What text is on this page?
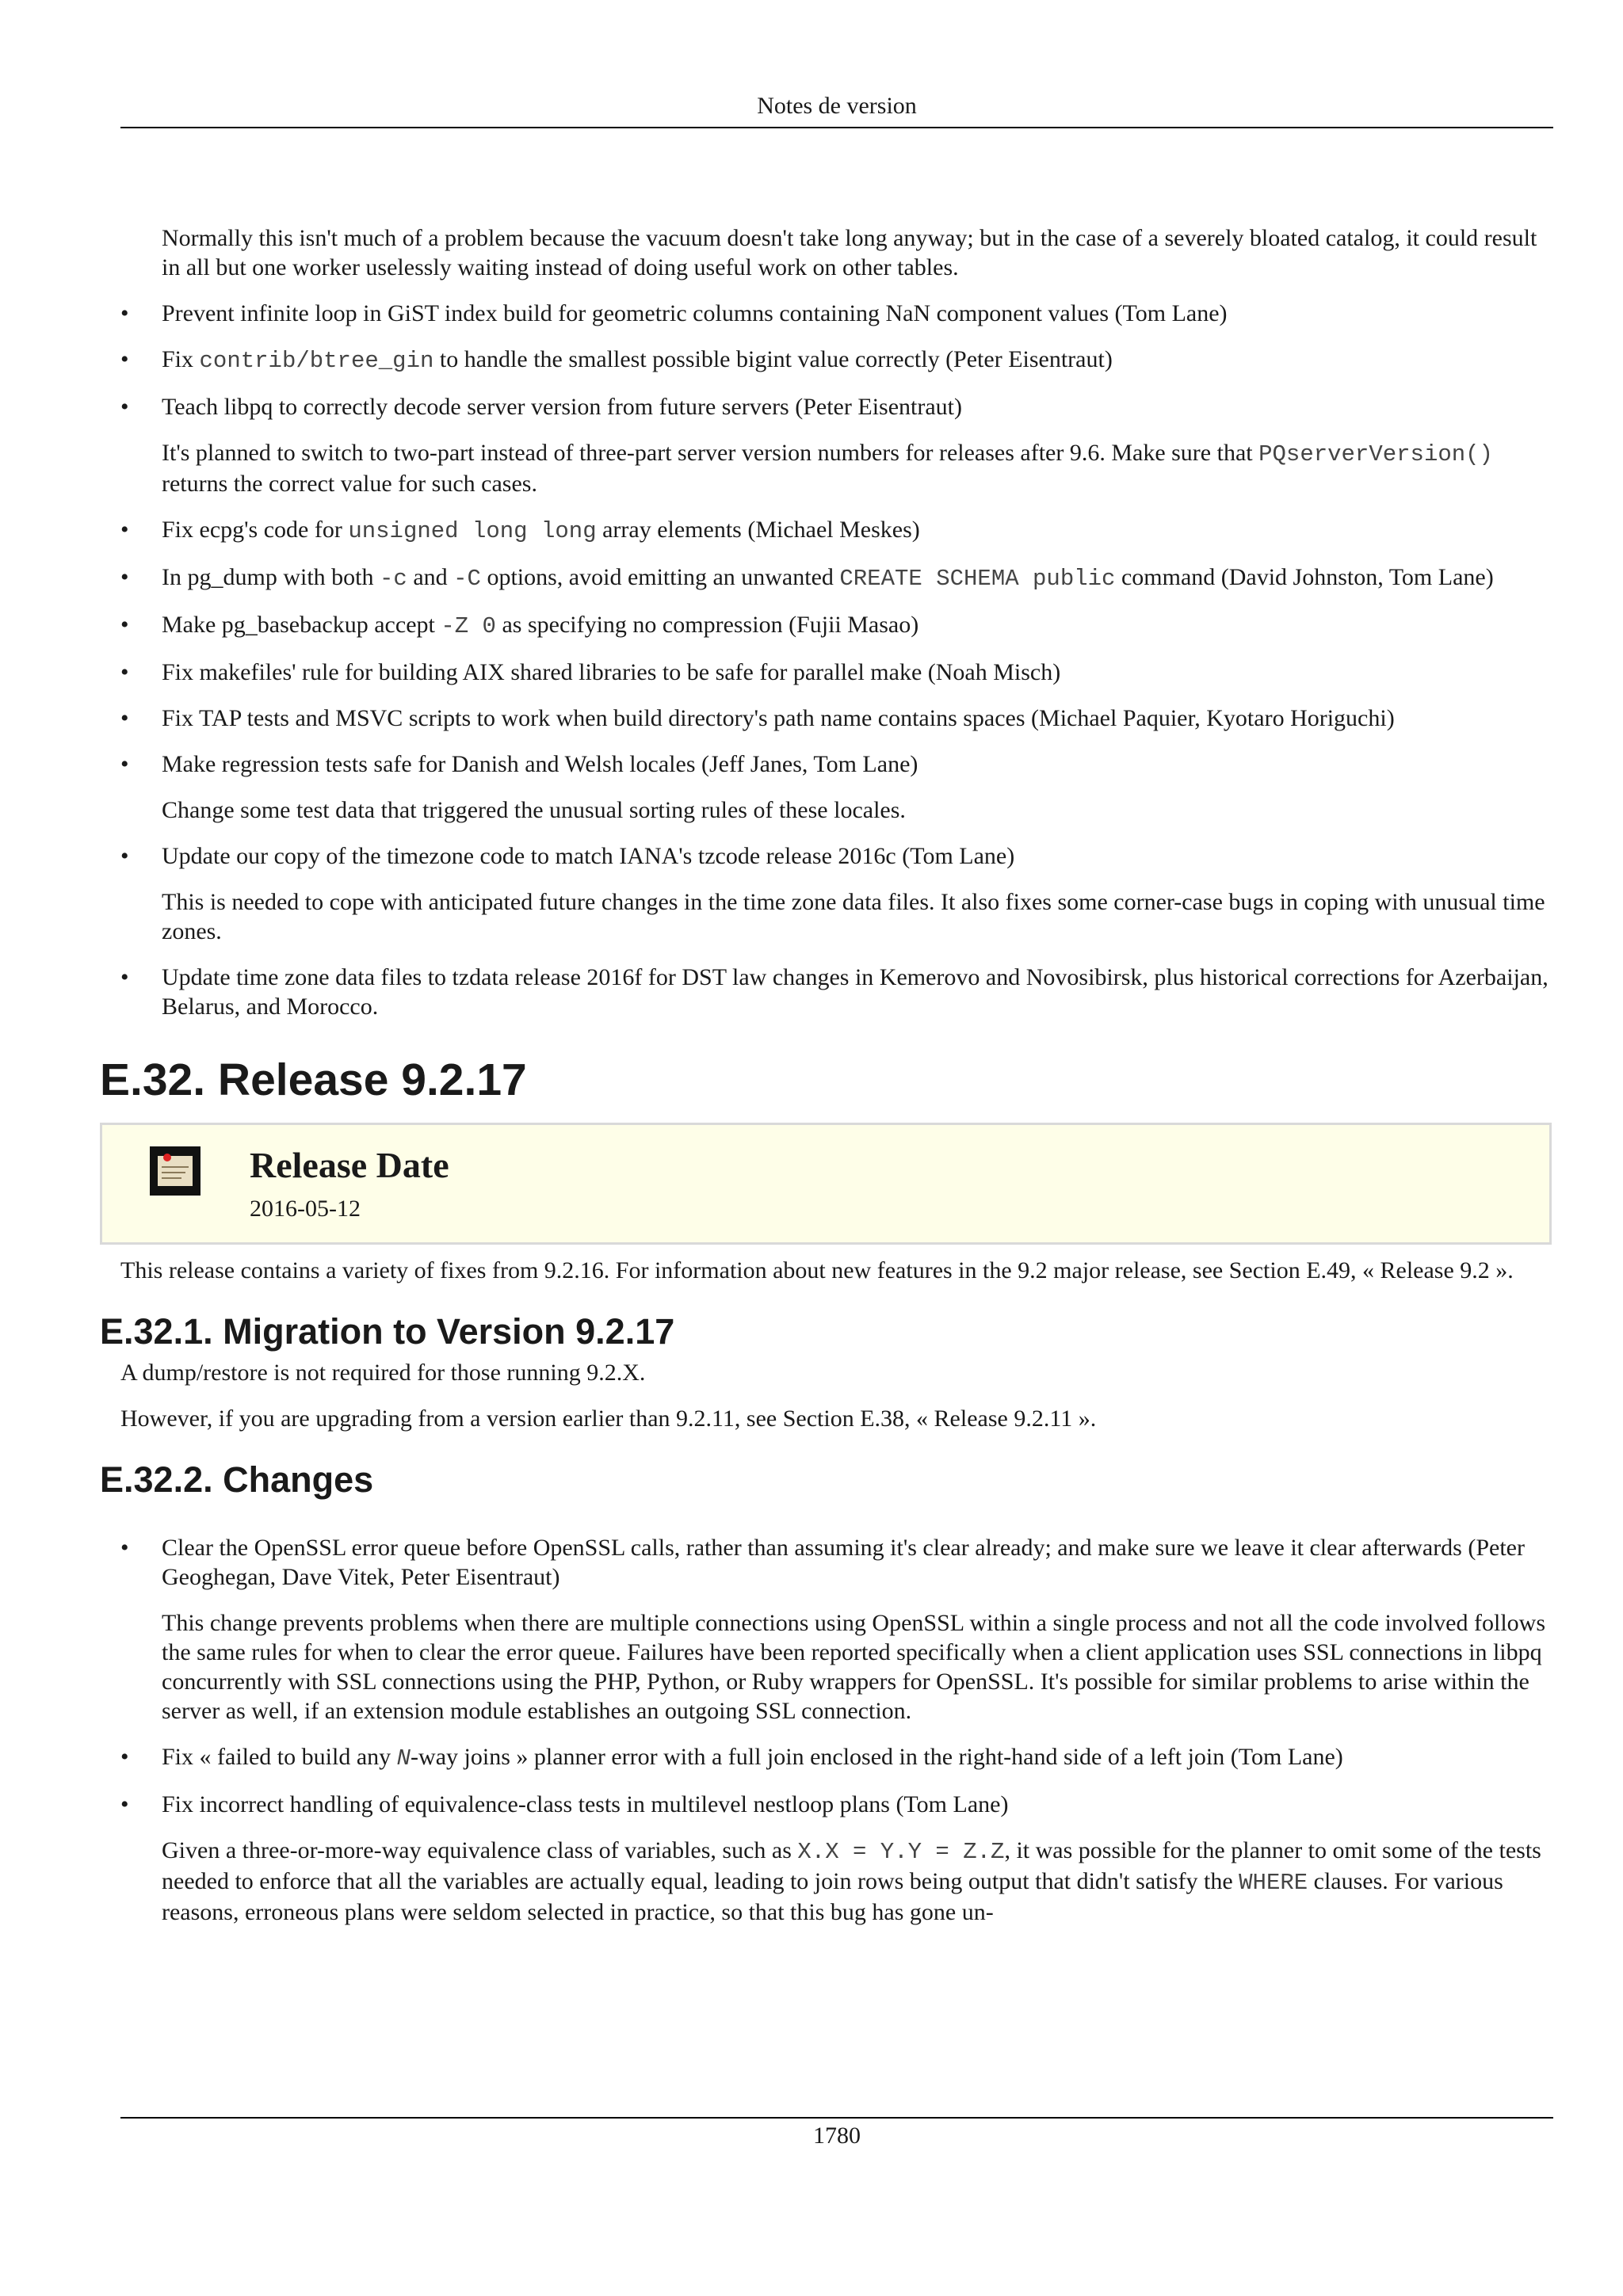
Notes de version

Normally this isn't much of a problem because the vacuum doesn't take long anyway; but in the case of a severely bloated catalog, it could result in all but one worker uselessly waiting instead of doing useful work on other tables.

• Prevent infinite loop in GiST index build for geometric columns containing NaN component values (Tom Lane)
• Fix contrib/btree_gin to handle the smallest possible bigint value correctly (Peter Eisentraut)
• Teach libpq to correctly decode server version from future servers (Peter Eisentraut)

It's planned to switch to two-part instead of three-part server version numbers for releases after 9.6. Make sure that PQserverVersion() returns the correct value for such cases.

• Fix ecpg's code for unsigned long long array elements (Michael Meskes)
• In pg_dump with both -c and -C options, avoid emitting an unwanted CREATE SCHEMA public command (David Johnston, Tom Lane)
• Make pg_basebackup accept -Z 0 as specifying no compression (Fujii Masao)
• Fix makefiles' rule for building AIX shared libraries to be safe for parallel make (Noah Misch)
• Fix TAP tests and MSVC scripts to work when build directory's path name contains spaces (Michael Paquier, Kyotaro Horiguchi)
• Make regression tests safe for Danish and Welsh locales (Jeff Janes, Tom Lane)

Change some test data that triggered the unusual sorting rules of these locales.

• Update our copy of the timezone code to match IANA's tzcode release 2016c (Tom Lane)

This is needed to cope with anticipated future changes in the time zone data files. It also fixes some corner-case bugs in coping with unusual time zones.

• Update time zone data files to tzdata release 2016f for DST law changes in Kemerovo and Novosibirsk, plus historical corrections for Azerbaijan, Belarus, and Morocco.
E.32. Release 9.2.17
Release Date
2016-05-12

This release contains a variety of fixes from 9.2.16. For information about new features in the 9.2 major release, see Section E.49, « Release 9.2 ».

E.32.1. Migration to Version 9.2.17

A dump/restore is not required for those running 9.2.X.

However, if you are upgrading from a version earlier than 9.2.11, see Section E.38, « Release 9.2.11 ».

E.32.2. Changes
• Clear the OpenSSL error queue before OpenSSL calls, rather than assuming it's clear already; and make sure we leave it clear afterwards (Peter Geoghegan, Dave Vitek, Peter Eisentraut)

This change prevents problems when there are multiple connections using OpenSSL within a single process and not all the code involved follows the same rules for when to clear the error queue. Failures have been reported specifically when a client application uses SSL connections in libpq concurrently with SSL connections using the PHP, Python, or Ruby wrappers for OpenSSL. It's possible for similar problems to arise within the server as well, if an extension module establishes an outgoing SSL connection.

• Fix « failed to build any N-way joins » planner error with a full join enclosed in the right-hand side of a left join (Tom Lane)
• Fix incorrect handling of equivalence-class tests in multilevel nestloop plans (Tom Lane)

Given a three-or-more-way equivalence class of variables, such as X.X = Y.Y = Z.Z, it was possible for the planner to omit some of the tests needed to enforce that all the variables are actually equal, leading to join rows being output that didn't satisfy the WHERE clauses. For various reasons, erroneous plans were seldom selected in practice, so that this bug has gone un-

1780
